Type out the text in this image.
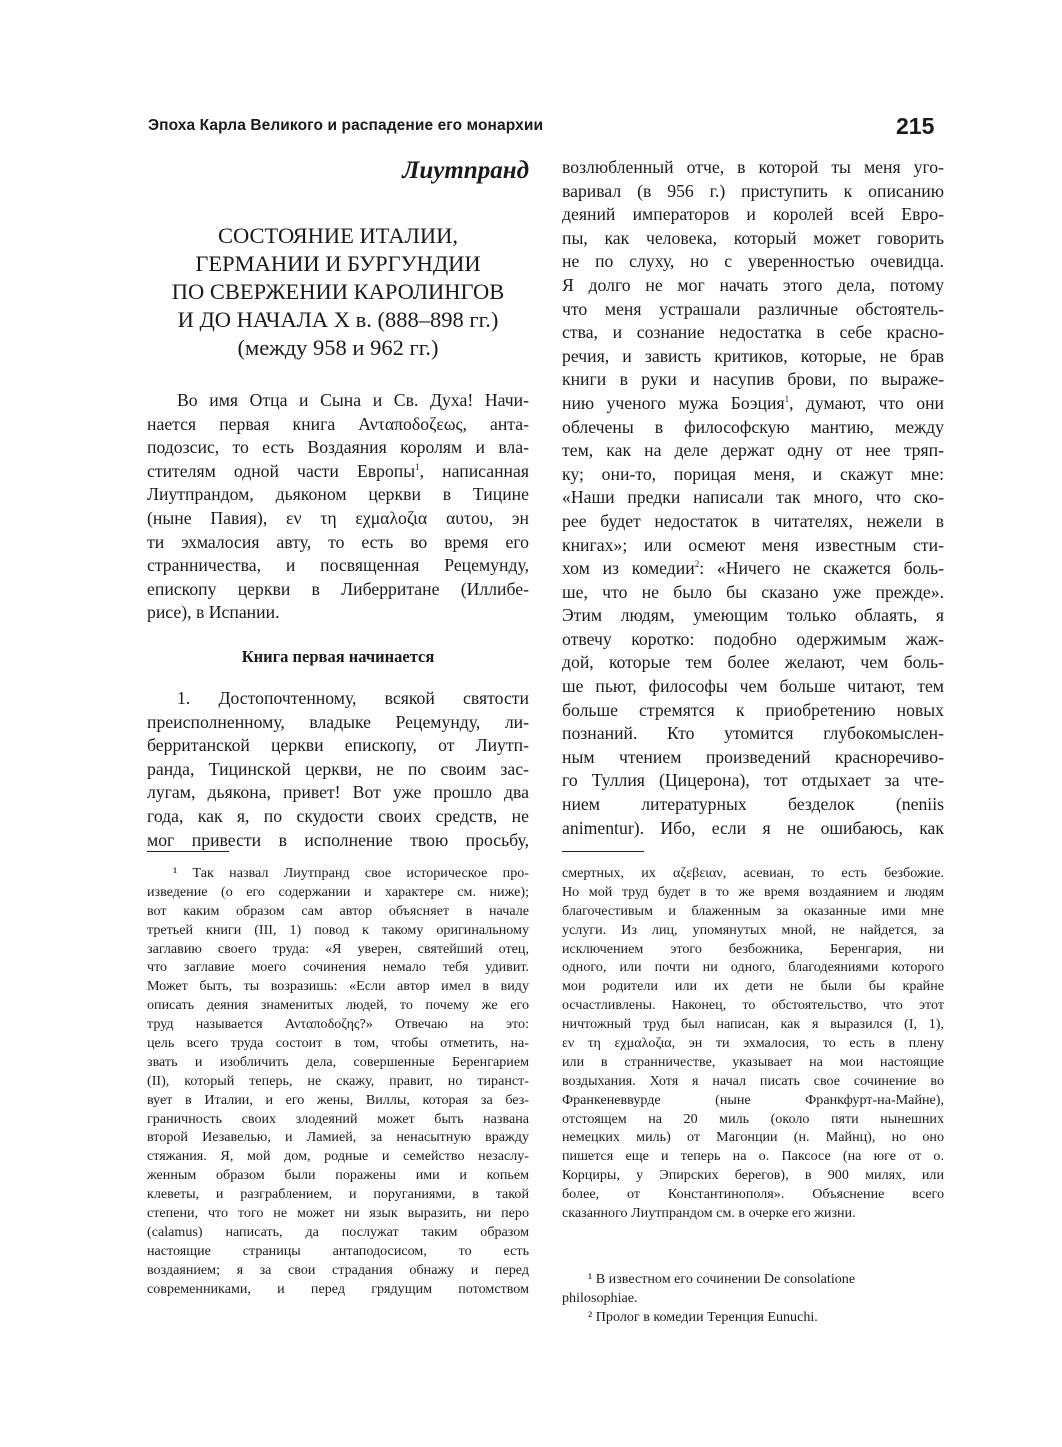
Эпоха Карла Великого и распадение его монархии	215

Лиутпранд

СОСТОЯНИЕ ИТАЛИИ,
ГЕРМАНИИ И БУРГУНДИИ
ПО СВЕРЖЕНИИ КАРОЛИНГОВ
И ДО НАЧАЛА X в. (888–898 гг.)
(между 958 и 962 гг.)
Во имя Отца и Сына и Св. Духа! Начи-
нается первая книга Ανταποδοζεως, анта-
подозсис, то есть Воздаяния королям и вла-
стителям одной части Европы$^1$, написанная
Лиутпрандом, дьяконом церкви в Тицине
(ныне Павия), εν τη εχμαλοζια αυτου, эн
ти эхмалосия авту, то есть во время его
странничества, и посвященная Рецемунду,
епископу церкви в Либерритане (Иллибе-
рисе), в Испании.
Книга первая начинается
1. Достопочтенному, всякой святости
преисполненному, владыке Рецемунду, ли-
берританской церкви епископу, от Лиутп-
ранда, Тицинской церкви, не по своим зас-
лугам, дьякона, привет! Вот уже прошло два
года, как я, по скудости своих средств, не
мог привести в исполнение твою просьбу,
возлюбленный отче, в которой ты меня уго-
варивал (в 956 г.) приступить к описанию
деяний императоров и королей всей Евро-
пы, как человека, который может говорить
не по слуху, но с уверенностью очевидца.
Я долго не мог начать этого дела, потому
что меня устрашали различные обстоятель-
ства, и сознание недостатка в себе красно-
речия, и зависть критиков, которые, не брав
книги в руки и насупив брови, по выраже-
нию ученого мужа Боэция$^1$, думают, что они
облечены в философскую мантию, между
тем, как на деле держат одну от нее тряп-
ку; они-то, порицая меня, и скажут мне:
«Наши предки написали так много, что ско-
рее будет недостаток в читателях, нежели в
книгах»; или осмеют меня известным сти-
хом из комедии$^2$: «Ничего не скажется боль-
ше, что не было бы сказано уже прежде».
Этим людям, умеющим только облаять, я
отвечу коротко: подобно одержимым жаж-
дой, которые тем более желают, чем боль-
ше пьют, философы чем больше читают, тем
больше стремятся к приобретению новых
познаний. Кто утомится глубокомыслен-
ным чтением произведений красноречиво-
го Туллия (Цицерона), тот отдыхает за чте-
нием литературных безделок (neniis
animentur). Ибо, если я не ошибаюсь, как
¹ Так назвал Лиутпранд свое историческое про-
изведение (о его содержании и характере см. ниже);
вот каким образом сам автор объясняет в начале
третьей книги (III, 1) повод к такому оригинальному
заглавию своего труда: «Я уверен, святейший отец,
что заглавие моего сочинения немало тебя удивит.
Может быть, ты возразишь: «Если автор имел в виду
описать деяния знаменитых людей, то почему же его
труд называется Ανταποδοζης?» Отвечаю на это:
цель всего труда состоит в том, чтобы отметить, на-
звать и изобличить дела, совершенные Беренгарием
(II), который теперь, не скажу, правит, но тиранст-
вует в Италии, и его жены, Виллы, которая за без-
граничность своих злодеяний может быть названа
второй Иезавелью, и Ламией, за ненасытную вражду
стяжания. Я, мой дом, родные и семейство незаслу-
женным образом были поражены ими и копьем
клеветы, и разграблением, и поруганиями, в такой
степени, что того не может ни язык выразить, ни перо
(calamus) написать, да послужат таким образом
настоящие страницы антаподосисом, то есть
воздаянием; я за свои страдания обнажу и перед
современниками, и перед грядущим потомством
смертных, их αζεβειαν, асевиан, то есть безбожие.
Но мой труд будет в то же время воздаянием и людям
благочестивым и блаженным за оказанные ими мне
услуги. Из лиц, упомянутых мной, не найдется, за
исключением этого безбожника, Беренгария, ни
одного, или почти ни одного, благодеяниями которого
мои родители или их дети не были бы крайне
осчастливлены. Наконец, то обстоятельство, что этот
ничтожный труд был написан, как я выразился (I, 1),
εν τη εχμαλοζια, эн ти эхмалосия, то есть в плену
или в странничестве, указывает на мои настоящие
воздыхания. Хотя я начал писать свое сочинение во
Франкеневвурде (ныне Франкфурт-на-Майне),
отстоящем на 20 миль (около пяти нынешних
немецких миль) от Магонции (н. Майнц), но оно
пишется еще и теперь на о. Паксосе (на юге от о.
Корциры, у Эпирских берегов), в 900 милях, или
более, от Константинополя». Объяснение всего
сказанного Лиутпрандом см. в очерке его жизни.
¹ В известном его сочинении De consolatione
philosophiae.
² Пролог в комедии Теренция Eunuchi.
